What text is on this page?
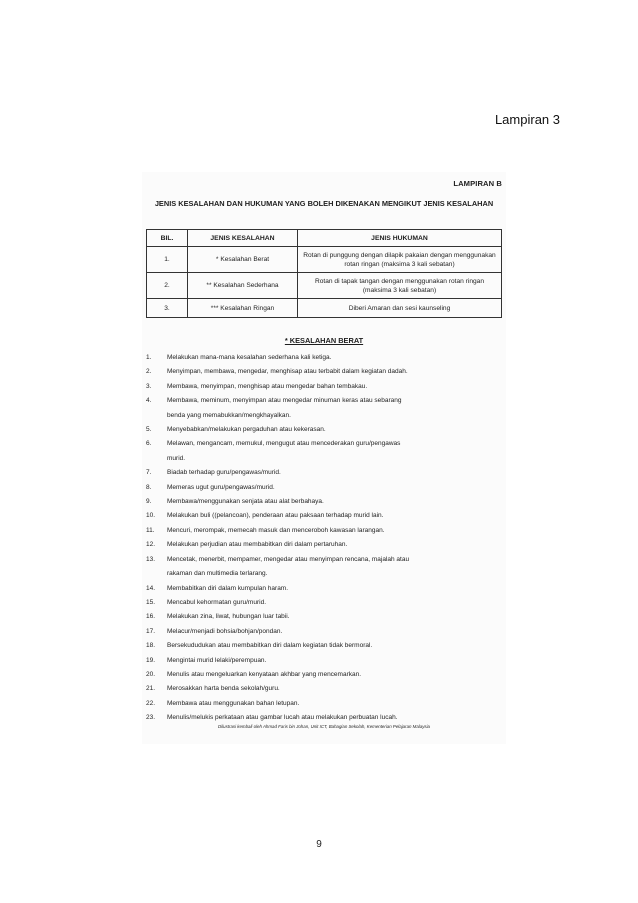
Lampiran 3
LAMPIRAN B
JENIS KESALAHAN DAN HUKUMAN YANG BOLEH DIKENAKAN MENGIKUT JENIS KESALAHAN
BIL.	JENIS KESALAHAN	JENIS HUKUMAN
1.	* Kesalahan Berat	Rotan di punggung dengan dilapik pakaian dengan menggunakan rotan ringan (maksima 3 kali sebatan)
2.	** Kesalahan Sederhana	Rotan di tapak tangan dengan menggunakan rotan ringan (maksima 3 kali sebatan)
3.	*** Kesalahan Ringan	Diberi Amaran dan sesi kaunseling
* KESALAHAN BERAT
1.	Melakukan mana-mana kesalahan sederhana kali ketiga.
2.	Menyimpan, membawa, mengedar, menghisap atau terbabit dalam kegiatan dadah.
3.	Membawa, menyimpan, menghisap atau mengedar bahan tembakau.
4.	Membawa, meminum, menyimpan atau mengedar minuman keras atau sebarang
benda yang memabukkan/mengkhayalkan.
5.	Menyebabkan/melakukan pergaduhan atau kekerasan.
6.	Melawan, mengancam, memukul, mengugut atau mencederakan guru/pengawas
murid.
7.	Biadab terhadap guru/pengawas/murid.
8.	Memeras ugut guru/pengawas/murid.
9.	Membawa/menggunakan senjata atau alat berbahaya.
10.	Melakukan buli ((pelancoan), penderaan atau paksaan terhadap murid lain.
11.	Mencuri, merompak, memecah masuk dan menceroboh kawasan larangan.
12.	Melakukan perjudian atau membabitkan diri dalam pertaruhan.
13.	Mencetak, menerbit, mempamer, mengedar atau menyimpan rencana, majalah atau
rakaman dan multimedia terlarang.
14.	Membabitkan diri dalam kumpulan haram.
15.	Mencabul kehormatan guru/murid.
16.	Melakukan zina, liwat, hubungan luar tabii.
17.	Melacur/menjadi bohsia/bohjan/pondan.
18.	Bersekududukan atau membabitkan diri dalam kegiatan tidak bermoral.
19.	Mengintai murid lelaki/perempuan.
20.	Menulis atau mengeluarkan kenyataan akhbar yang mencemarkan.
21.	Merosakkan harta benda sekolah/guru.
22.	Membawa atau menggunakan bahan letupan.
23.	Menulis/melukis perkataan atau gambar lucah atau melakukan perbuatan lucah.
Dilustrasi kembali oleh Ahmad Faris bin Johan, Unit ICT, Bahagian Sekolah, Kementerian Pelajaran Malaysia
9
